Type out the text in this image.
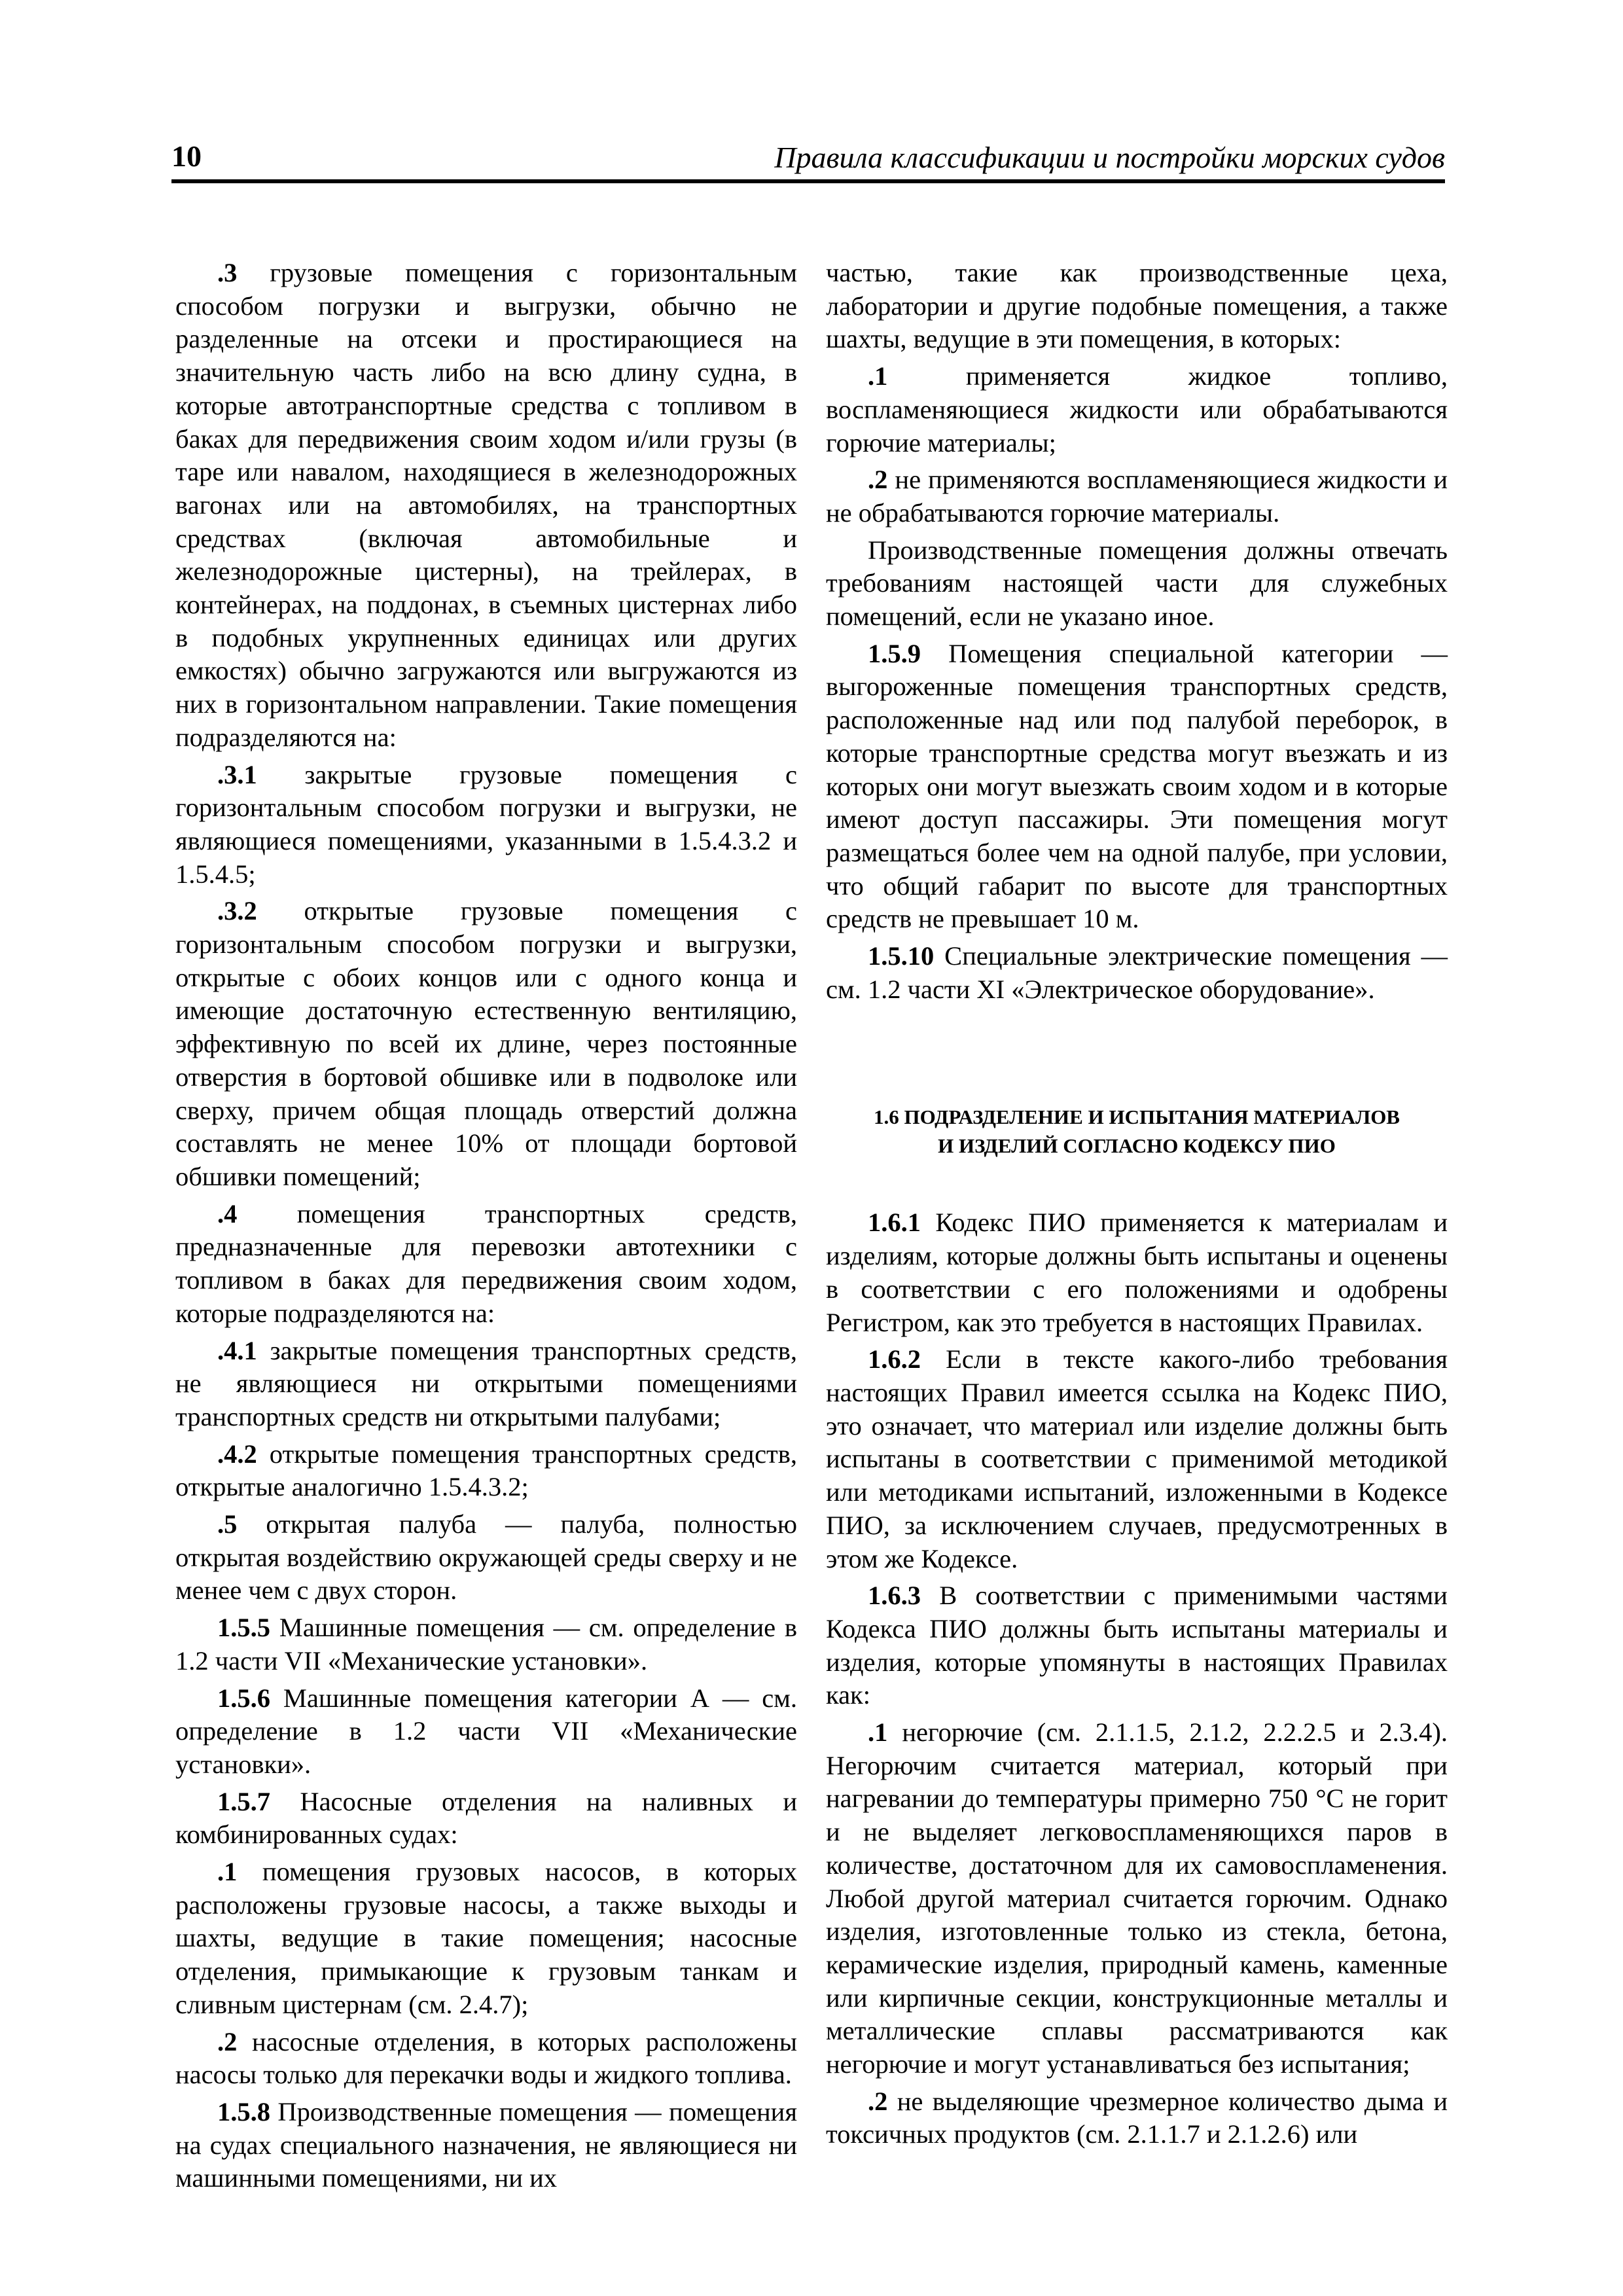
10	Правила классификации и постройки морских судов

.3 грузовые помещения с горизонтальным способом погрузки и выгрузки, обычно не разделенные на отсеки и простирающиеся на значительную часть либо на всю длину судна, в которые автотранспортные средства с топливом в баках для передвижения своим ходом и/или грузы (в таре или навалом, находящиеся в железнодорожных вагонах или на автомобилях, на транспортных средствах (включая автомобильные и железнодорожные цистерны), на трейлерах, в контейнерах, на поддонах, в съемных цистернах либо в подобных укрупненных единицах или других емкостях) обычно загружаются или выгружаются из них в горизонтальном направлении. Такие помещения подразделяются на:

.3.1 закрытые грузовые помещения с горизонтальным способом погрузки и выгрузки, не являющиеся помещениями, указанными в 1.5.4.3.2 и 1.5.4.5;

.3.2 открытые грузовые помещения с горизонтальным способом погрузки и выгрузки, открытые с обоих концов или с одного конца и имеющие достаточную естественную вентиляцию, эффективную по всей их длине, через постоянные отверстия в бортовой обшивке или в подволоке или сверху, причем общая площадь отверстий должна составлять не менее 10% от площади бортовой обшивки помещений;

.4 помещения транспортных средств, предназначенные для перевозки автотехники с топливом в баках для передвижения своим ходом, которые подразделяются на:

.4.1 закрытые помещения транспортных средств, не являющиеся ни открытыми помещениями транспортных средств ни открытыми палубами;

.4.2 открытые помещения транспортных средств, открытые аналогично 1.5.4.3.2;

.5 открытая палуба — палуба, полностью открытая воздействию окружающей среды сверху и не менее чем с двух сторон.

1.5.5 Машинные помещения — см. определение в 1.2 части VII «Механические установки».

1.5.6 Машинные помещения категории А — см. определение в 1.2 части VII «Механические установки».

1.5.7 Насосные отделения на наливных и комбинированных судах:

.1 помещения грузовых насосов, в которых расположены грузовые насосы, а также выходы и шахты, ведущие в такие помещения; насосные отделения, примыкающие к грузовым танкам и сливным цистернам (см. 2.4.7);

.2 насосные отделения, в которых расположены насосы только для перекачки воды и жидкого топлива.

1.5.8 Производственные помещения — помещения на судах специального назначения, не являющиеся ни машинными помещениями, ни их

частью, такие как производственные цеха, лаборатории и другие подобные помещения, а также шахты, ведущие в эти помещения, в которых:

.1 применяется жидкое топливо, воспламеняющиеся жидкости или обрабатываются горючие материалы;

.2 не применяются воспламеняющиеся жидкости и не обрабатываются горючие материалы.

Производственные помещения должны отвечать требованиям настоящей части для служебных помещений, если не указано иное.

1.5.9 Помещения специальной категории — выгороженные помещения транспортных средств, расположенные над или под палубой переборок, в которые транспортные средства могут въезжать и из которых они могут выезжать своим ходом и в которые имеют доступ пассажиры. Эти помещения могут размещаться более чем на одной палубе, при условии, что общий габарит по высоте для транспортных средств не превышает 10 м.

1.5.10 Специальные электрические помещения — см. 1.2 части XI «Электрическое оборудование».

1.6 ПОДРАЗДЕЛЕНИЕ И ИСПЫТАНИЯ МАТЕРИАЛОВ
И ИЗДЕЛИЙ СОГЛАСНО КОДЕКСУ ПИО

1.6.1 Кодекс ПИО применяется к материалам и изделиям, которые должны быть испытаны и оценены в соответствии с его положениями и одобрены Регистром, как это требуется в настоящих Правилах.

1.6.2 Если в тексте какого-либо требования настоящих Правил имеется ссылка на Кодекс ПИО, это означает, что материал или изделие должны быть испытаны в соответствии с применимой методикой или методиками испытаний, изложенными в Кодексе ПИО, за исключением случаев, предусмотренных в этом же Кодексе.

1.6.3 В соответствии с применимыми частями Кодекса ПИО должны быть испытаны материалы и изделия, которые упомянуты в настоящих Правилах как:

.1 негорючие (см. 2.1.1.5, 2.1.2, 2.2.2.5 и 2.3.4). Негорючим считается материал, который при нагревании до температуры примерно 750 °С не горит и не выделяет легковоспламеняющихся паров в количестве, достаточном для их самовоспламенения. Любой другой материал считается горючим. Однако изделия, изготовленные только из стекла, бетона, керамические изделия, природный камень, каменные или кирпичные секции, конструкционные металлы и металлические сплавы рассматриваются как негорючие и могут устанавливаться без испытания;

.2 не выделяющие чрезмерное количество дыма и токсичных продуктов (см. 2.1.1.7 и 2.1.2.6) или
